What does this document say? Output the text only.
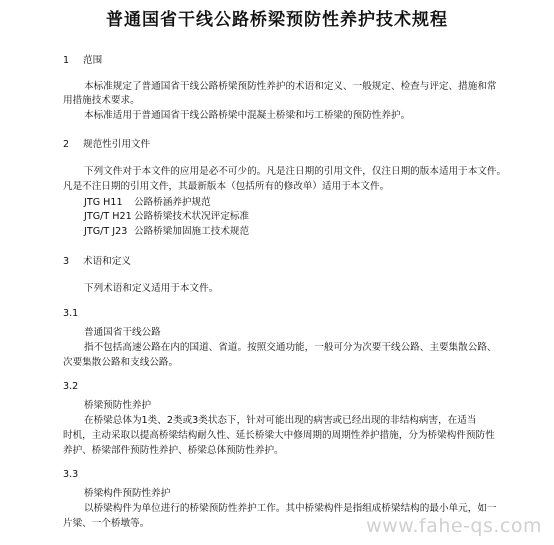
普通国省干线公路桥梁预防性养护技术规程
1 范围
本标准规定了普通国省干线公路桥梁预防性养护的术语和定义、一般规定、检查与评定、措施和常
用措施技术要求。
本标准适用于普通国省干线公路桥梁中混凝土桥梁和圬工桥梁的预防性养护。
2 规范性引用文件
下列文件对于本文件的应用是必不可少的。凡是注日期的引用文件，仅注日期的版本适用于本文件。
凡是不注日期的引用文件，其最新版本（包括所有的修改单）适用于本文件。
JTG H11 公路桥涵养护规范
JTG/T H21 公路桥梁技术状况评定标准
JTG/T J23 公路桥梁加固施工技术规范
3 术语和定义
下列术语和定义适用于本文件。
3.1
普通国省干线公路
指不包括高速公路在内的国道、省道。按照交通功能，一般可分为次要干线公路、主要集散公路、
次要集散公路和支线公路。
3.2
桥梁预防性养护
在桥梁总体为1类、2类或3类状态下，针对可能出现的病害或已经出现的非结构病害，在适当
时机，主动采取以提高桥梁结构耐久性、延长桥梁大中修周期的周期性养护措施，分为桥梁构件预防性
养护、桥梁部件预防性养护、桥梁总体预防性养护。
3.3
桥梁构件预防性养护
以桥梁构件为单位进行的桥梁预防性养护工作。其中桥梁构件是指组成桥梁结构的最小单元，如一
片梁、一个桥墩等。	www.fahe-qs.com
